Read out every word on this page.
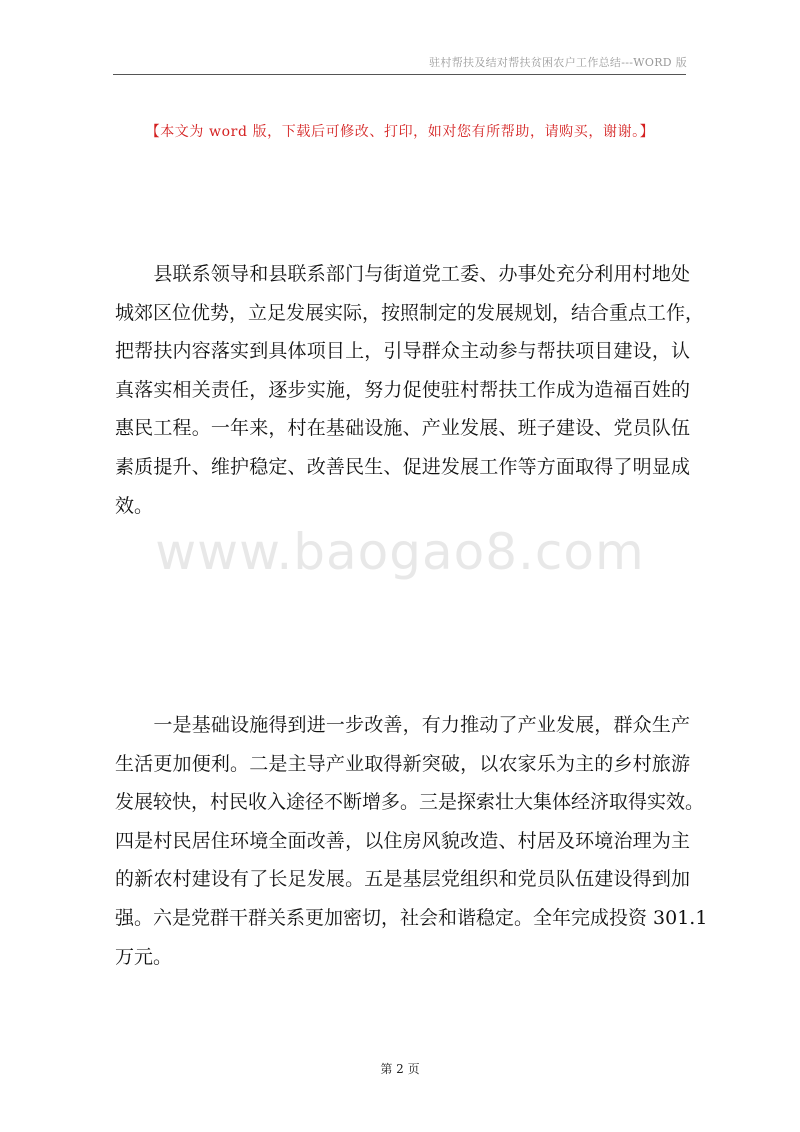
驻村帮扶及结对帮扶贫困农户工作总结---WORD 版
【本文为 word 版，下载后可修改、打印，如对您有所帮助，请购买，谢谢。】
www.baogao8.com
　　县联系领导和县联系部门与街道党工委、办事处充分利用村地处
城郊区位优势，立足发展实际，按照制定的发展规划，结合重点工作，
把帮扶内容落实到具体项目上，引导群众主动参与帮扶项目建设，认
真落实相关责任，逐步实施，努力促使驻村帮扶工作成为造福百姓的
惠民工程。一年来，村在基础设施、产业发展、班子建设、党员队伍
素质提升、维护稳定、改善民生、促进发展工作等方面取得了明显成
效。
　　一是基础设施得到进一步改善，有力推动了产业发展，群众生产
生活更加便利。二是主导产业取得新突破，以农家乐为主的乡村旅游
发展较快，村民收入途径不断增多。三是探索壮大集体经济取得实效。
四是村民居住环境全面改善，以住房风貌改造、村居及环境治理为主
的新农村建设有了长足发展。五是基层党组织和党员队伍建设得到加
强。六是党群干群关系更加密切，社会和谐稳定。全年完成投资 301.1
万元。
第 2 页
